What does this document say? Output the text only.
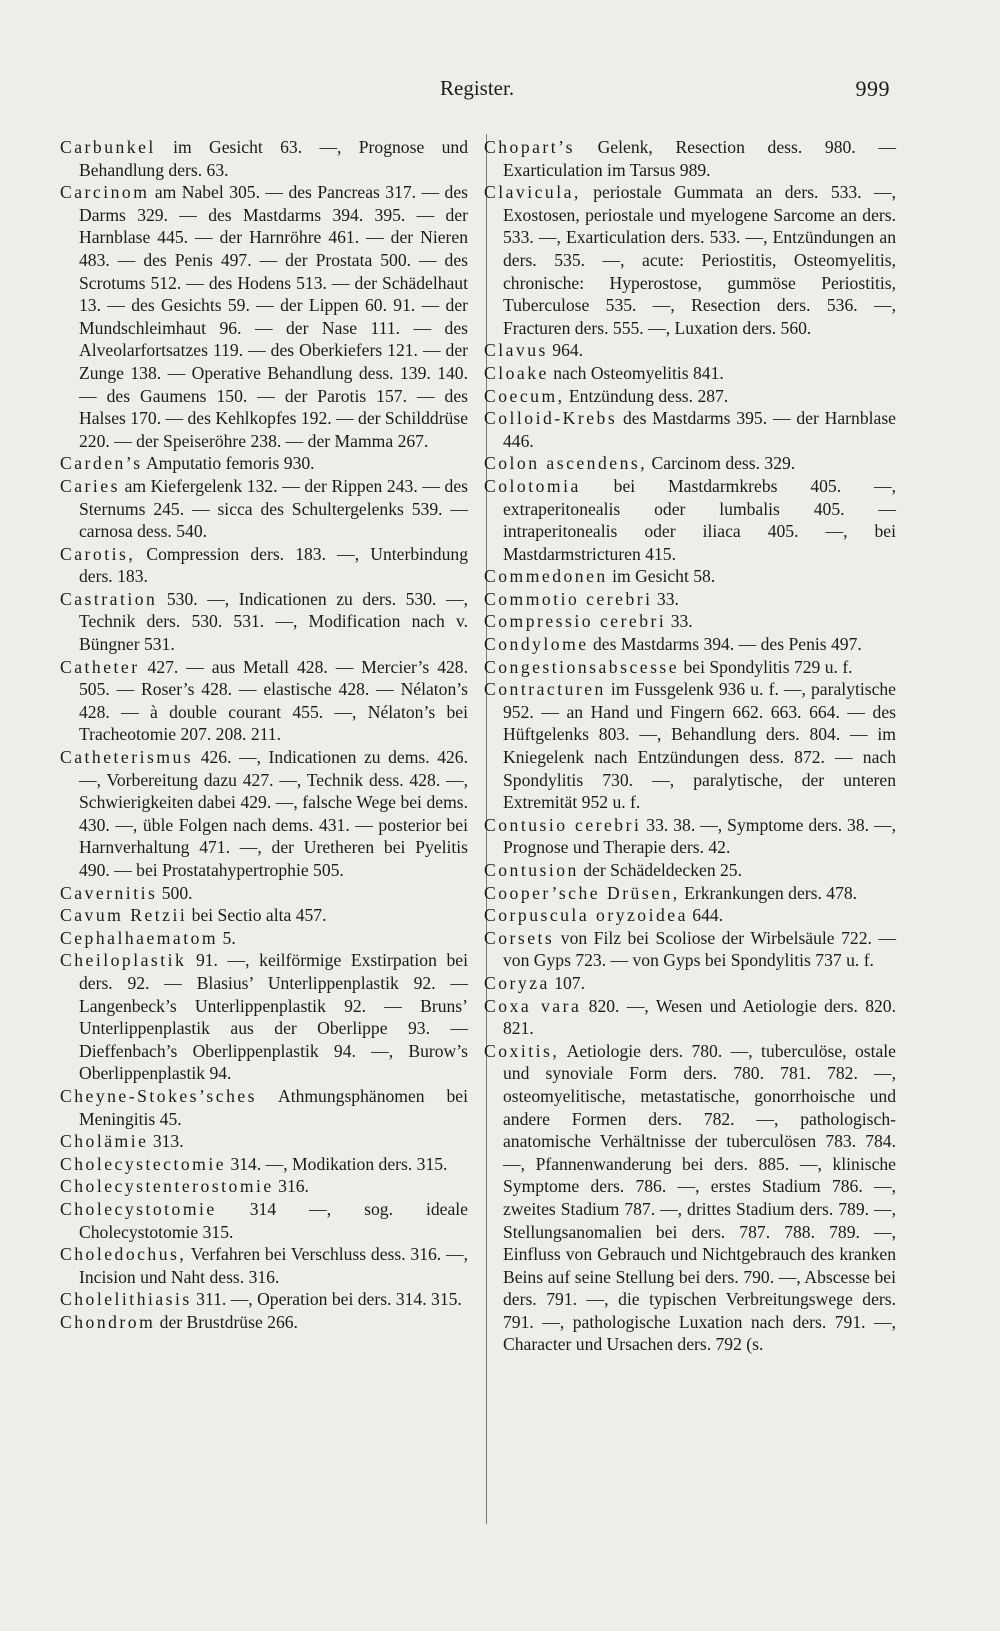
Register.	999

Carbunkel im Gesicht 63. —, Prognose und Behandlung ders. 63.

Carcinom am Nabel 305. — des Pancreas 317. — des Darms 329. — des Mastdarms 394. 395. — der Harnblase 445. — der Harnröhre 461. — der Nieren 483. — des Penis 497. — der Prostata 500. — des Scrotums 512. — des Hodens 513. — der Schädelhaut 13. — des Gesichts 59. — der Lippen 60. 91. — der Mundschleimhaut 96. — der Nase 111. — des Alveolarfortsatzes 119. — des Oberkiefers 121. — der Zunge 138. — Operative Behandlung dess. 139. 140. — des Gaumens 150. — der Parotis 157. — des Halses 170. — des Kehlkopfes 192. — der Schilddrüse 220. — der Speiseröhre 238. — der Mamma 267.

Carden’s Amputatio femoris 930.

Caries am Kiefergelenk 132. — der Rippen 243. — des Sternums 245. — sicca des Schultergelenks 539. — carnosa dess. 540.

Carotis, Compression ders. 183. —, Unterbindung ders. 183.

Castration 530. —, Indicationen zu ders. 530. —, Technik ders. 530. 531. —, Modification nach v. Büngner 531.

Catheter 427. — aus Metall 428. — Mercier’s 428. 505. — Roser’s 428. — elastische 428. — Nélaton’s 428. — à double courant 455. —, Nélaton’s bei Tracheotomie 207. 208. 211.

Catheterismus 426. —, Indicationen zu dems. 426. —, Vorbereitung dazu 427. —, Technik dess. 428. —, Schwierigkeiten dabei 429. —, falsche Wege bei dems. 430. —, üble Folgen nach dems. 431. — posterior bei Harnverhaltung 471. —, der Uretheren bei Pyelitis 490. — bei Prostatahypertrophie 505.

Cavernitis 500.

Cavum Retzii bei Sectio alta 457.

Cephalhaematom 5.

Cheiloplastik 91. —, keilförmige Exstirpation bei ders. 92. — Blasius’ Unterlippenplastik 92. — Langenbeck’s Unterlippenplastik 92. — Bruns’ Unterlippenplastik aus der Oberlippe 93. — Dieffenbach’s Oberlippenplastik 94. —, Burow’s Oberlippenplastik 94.

Cheyne-Stokes’sches Athmungsphänomen bei Meningitis 45.

Cholämie 313.

Cholecystectomie 314. —, Modikation ders. 315.

Cholecystenterostomie 316.

Cholecystotomie 314 —, sog. ideale Cholecystotomie 315.

Choledochus, Verfahren bei Verschluss dess. 316. —, Incision und Naht dess. 316.

Cholelithiasis 311. —, Operation bei ders. 314. 315.

Chondrom der Brustdrüse 266.

Chopart’s Gelenk, Resection dess. 980. — Exarticulation im Tarsus 989.

Clavicula, periostale Gummata an ders. 533. —, Exostosen, periostale und myelogene Sarcome an ders. 533. —, Exarticulation ders. 533. —, Entzündungen an ders. 535. —, acute: Periostitis, Osteomyelitis, chronische: Hyperostose, gummöse Periostitis, Tuberculose 535. —, Resection ders. 536. —, Fracturen ders. 555. —, Luxation ders. 560.

Clavus 964.

Cloake nach Osteomyelitis 841.

Coecum, Entzündung dess. 287.

Colloid-Krebs des Mastdarms 395. — der Harnblase 446.

Colon ascendens, Carcinom dess. 329.

Colotomia bei Mastdarmkrebs 405. —, extraperitonealis oder lumbalis 405. — intraperitonealis oder iliaca 405. —, bei Mastdarmstricturen 415.

Commedonen im Gesicht 58.

Commotio cerebri 33.

Compressio cerebri 33.

Condylome des Mastdarms 394. — des Penis 497.

Congestionsabscesse bei Spondylitis 729 u. f.

Contracturen im Fussgelenk 936 u. f. —, paralytische 952. — an Hand und Fingern 662. 663. 664. — des Hüftgelenks 803. —, Behandlung ders. 804. — im Kniegelenk nach Entzündungen dess. 872. — nach Spondylitis 730. —, paralytische, der unteren Extremität 952 u. f.

Contusio cerebri 33. 38. —, Symptome ders. 38. —, Prognose und Therapie ders. 42.

Contusion der Schädeldecken 25.

Cooper’sche Drüsen, Erkrankungen ders. 478.

Corpuscula oryzoidea 644.

Corsets von Filz bei Scoliose der Wirbelsäule 722. — von Gyps 723. — von Gyps bei Spondylitis 737 u. f.

Coryza 107.

Coxa vara 820. —, Wesen und Aetiologie ders. 820. 821.

Coxitis, Aetiologie ders. 780. —, tuberculöse, ostale und synoviale Form ders. 780. 781. 782. —, osteomyelitische, metastatische, gonorrhoische und andere Formen ders. 782. —, pathologisch-anatomische Verhältnisse der tuberculösen 783. 784. —, Pfannenwanderung bei ders. 885. —, klinische Symptome ders. 786. —, erstes Stadium 786. —, zweites Stadium 787. —, drittes Stadium ders. 789. —, Stellungsanomalien bei ders. 787. 788. 789. —, Einfluss von Gebrauch und Nichtgebrauch des kranken Beins auf seine Stellung bei ders. 790. —, Abscesse bei ders. 791. —, die typischen Verbreitungswege ders. 791. —, pathologische Luxation nach ders. 791. —, Character und Ursachen ders. 792 (s.
